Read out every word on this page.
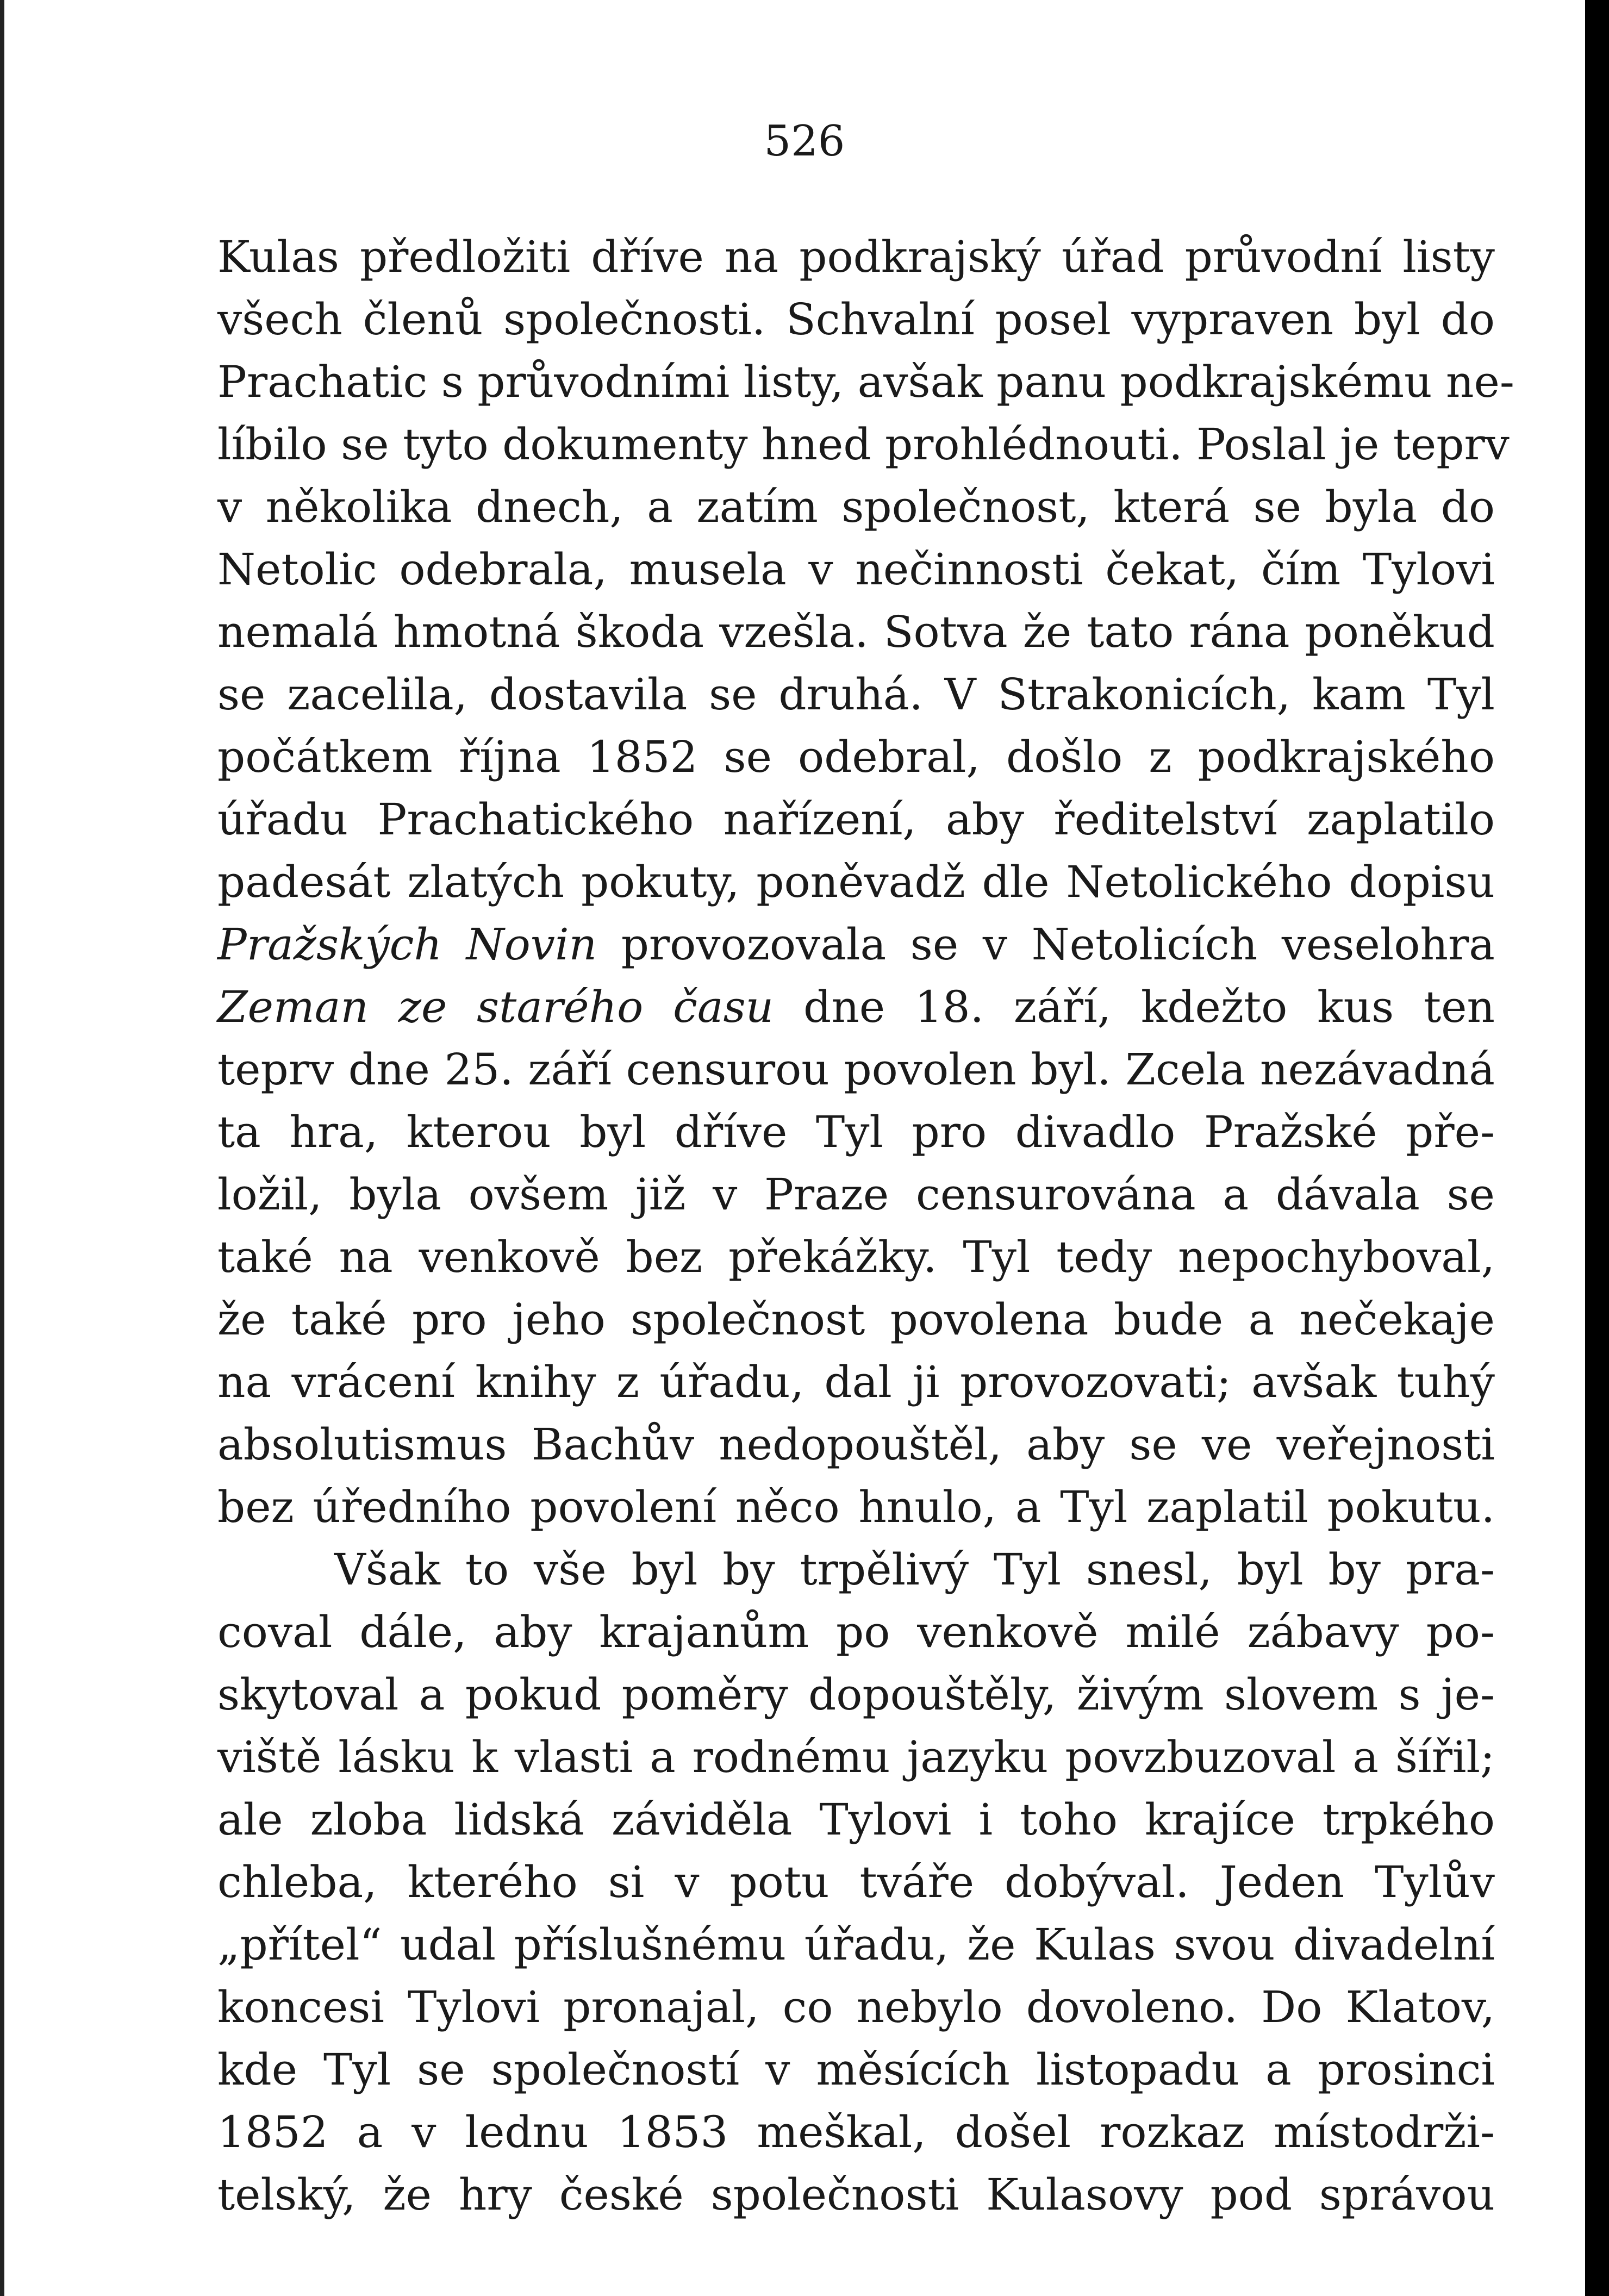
526
Kulas předložiti dříve na podkrajský úřad průvodní listy
všech členů společnosti. Schvalní posel vypraven byl do
Prachatic s průvodními listy, avšak panu podkrajskému ne-
líbilo se tyto dokumenty hned prohlédnouti. Poslal je teprv
v několika dnech, a zatím společnost, která se byla do
Netolic odebrala, musela v nečinnosti čekat, čím Tylovi
nemalá hmotná škoda vzešla. Sotva že tato rána poněkud
se zacelila, dostavila se druhá. V Strakonicích, kam Tyl
počátkem října 1852 se odebral, došlo z podkrajského
úřadu Prachatického nařízení, aby ředitelství zaplatilo
padesát zlatých pokuty, poněvadž dle Netolického dopisu
Pražských Novin provozovala se v Netolicích veselohra
Zeman ze starého času dne 18. září, kdežto kus ten
teprv dne 25. září censurou povolen byl. Zcela nezávadná
ta hra, kterou byl dříve Tyl pro divadlo Pražské pře-
ložil, byla ovšem již v Praze censurována a dávala se
také na venkově bez překážky. Tyl tedy nepochyboval,
že také pro jeho společnost povolena bude a nečekaje
na vrácení knihy z úřadu, dal ji provozovati; avšak tuhý
absolutismus Bachův nedopouštěl, aby se ve veřejnosti
bez úředního povolení něco hnulo, a Tyl zaplatil pokutu.
Však to vše byl by trpělivý Tyl snesl, byl by pra-
coval dále, aby krajanům po venkově milé zábavy po-
skytoval a pokud poměry dopouštěly, živým slovem s je-
viště lásku k vlasti a rodnému jazyku povzbuzoval a šířil;
ale zloba lidská záviděla Tylovi i toho krajíce trpkého
chleba, kterého si v potu tváře dobýval. Jeden Tylův
„přítel“ udal příslušnému úřadu, že Kulas svou divadelní
koncesi Tylovi pronajal, co nebylo dovoleno. Do Klatov,
kde Tyl se společností v měsících listopadu a prosinci
1852 a v lednu 1853 meškal, došel rozkaz místodrži-
telský, že hry české společnosti Kulasovy pod správou
